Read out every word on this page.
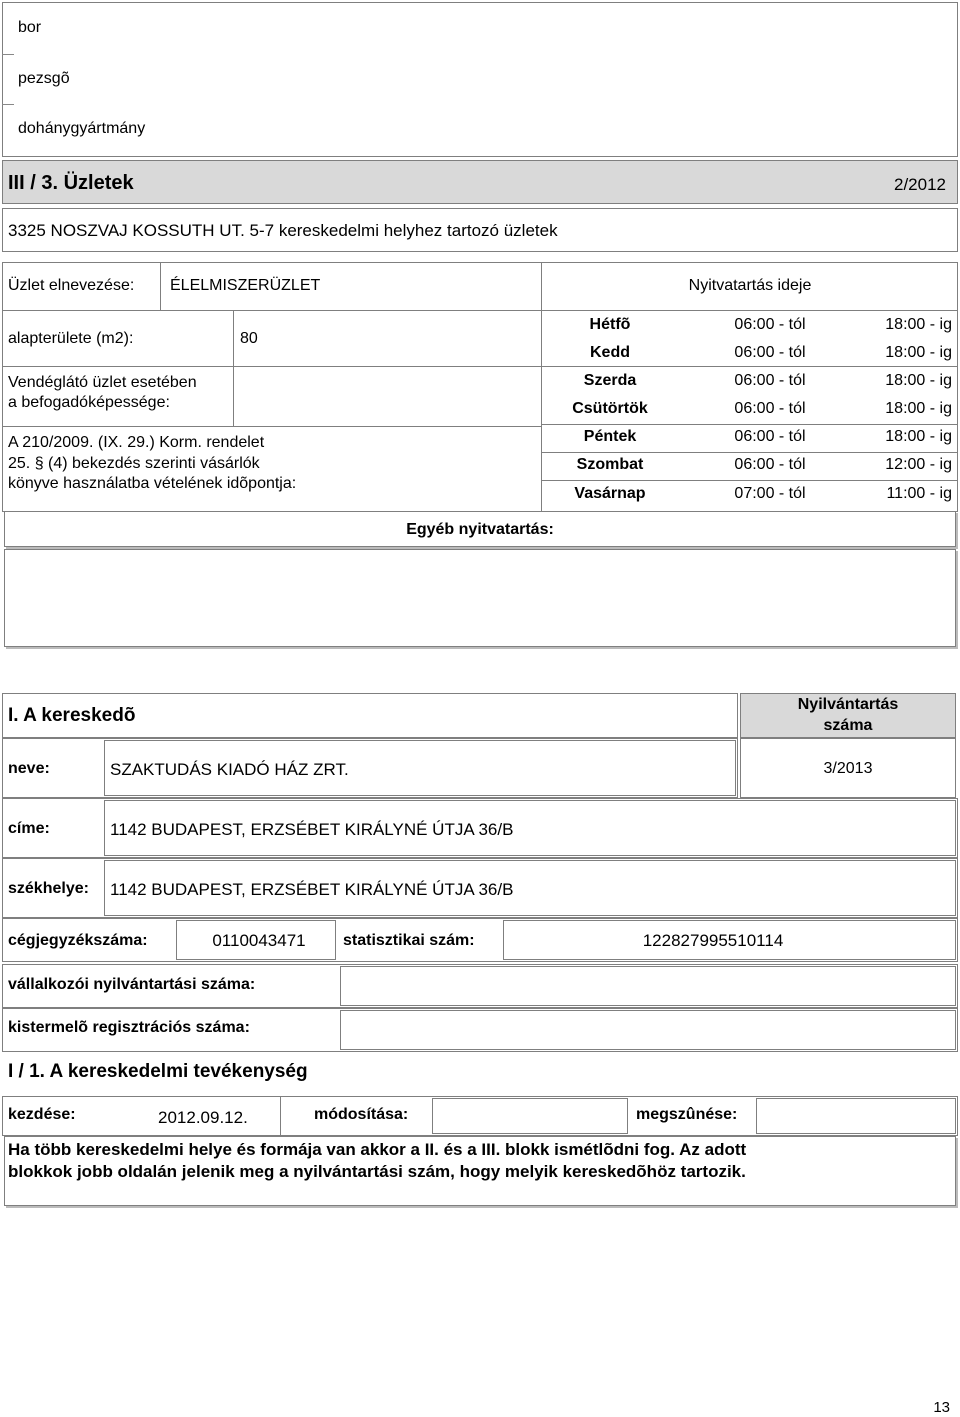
bor
pezsgõ
dohánygyártmány
III / 3. Üzletek	2/2012
3325 NOSZVAJ KOSSUTH UT. 5-7 kereskedelmi helyhez tartozó üzletek
Üzlet elnevezése: ÉLELMISZERÜZLET	Nyitvatartás ideje
alapterülete (m2):	80
Vendéglátó üzlet esetében
a befogadóképessége:
A 210/2009. (IX. 29.) Korm. rendelet
25. § (4) bekezdés szerinti vásárlók
könyve használatba vételének idõpontja:
Hétfõ	06:00 - tól	18:00 - ig
Kedd	06:00 - tól	18:00 - ig
Szerda	06:00 - tól	18:00 - ig
Csütörtök	06:00 - tól	18:00 - ig
Péntek	06:00 - tól	18:00 - ig
Szombat	06:00 - tól	12:00 - ig
Vasárnap	07:00 - tól	11:00 - ig
Egyéb nyitvatartás:
I. A kereskedõ
Nyilvántartás
száma
neve:	SZAKTUDÁS KIADÓ HÁZ ZRT.	3/2013
címe:	1142 BUDAPEST, ERZSÉBET KIRÁLYNÉ ÚTJA 36/B
székhelye: 1142 BUDAPEST, ERZSÉBET KIRÁLYNÉ ÚTJA 36/B
cégjegyzékszáma:	0110043471	statisztikai szám:	122827995510114
vállalkozói nyilvántartási száma:
kistermelõ regisztrációs száma:
I / 1. A kereskedelmi tevékenység
kezdése:	2012.09.12.	módosítása:	megszûnése:
Ha több kereskedelmi helye és formája van akkor a II. és a III. blokk ismétlõdni fog. Az adott blokkok jobb oldalán jelenik meg a nyilvántartási szám, hogy melyik kereskedõhöz tartozik.
13
